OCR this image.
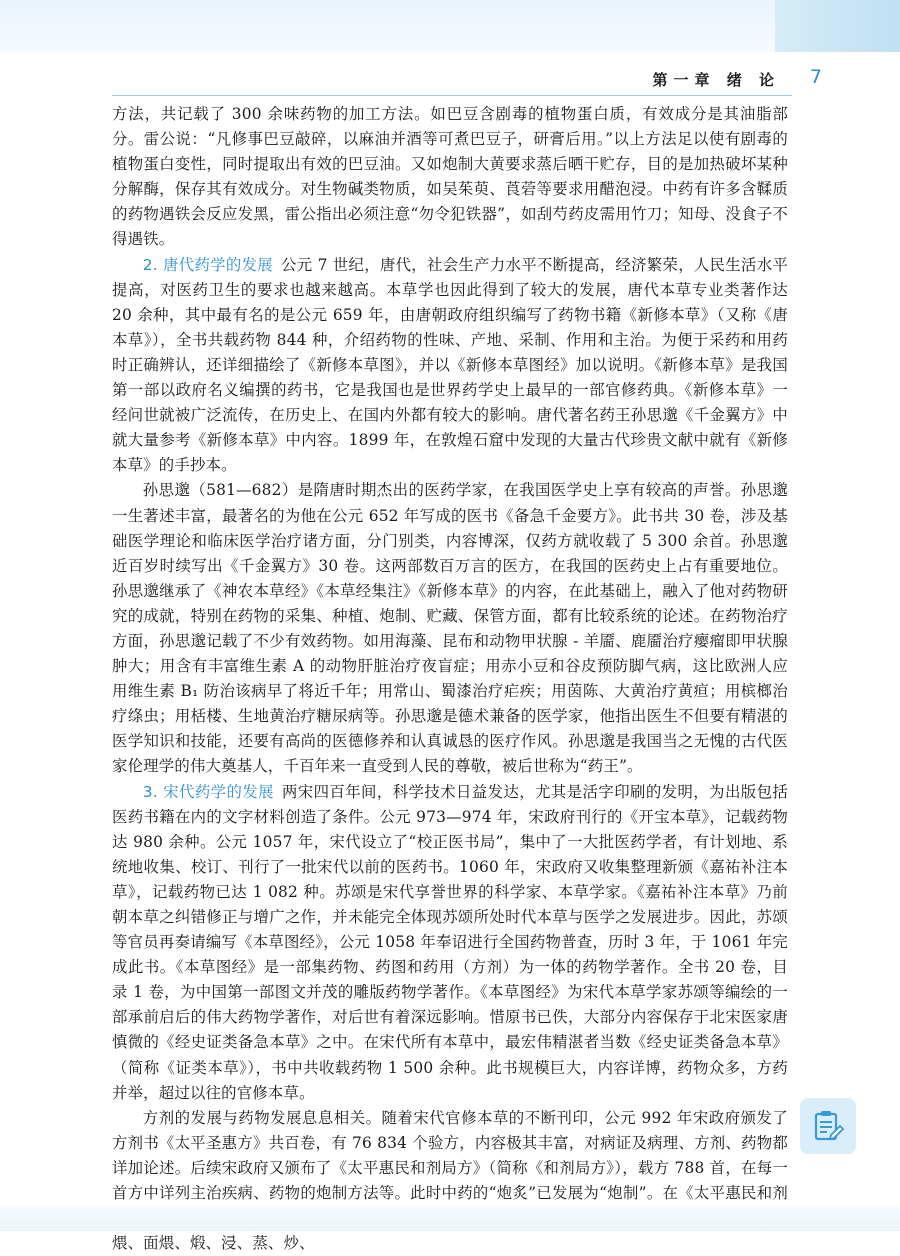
第一章 绪 论 7

方法，共记载了 300 余味药物的加工方法。如巴豆含剧毒的植物蛋白质，有效成分是其油脂部分。雷公说：“凡修事巴豆敲碎，以麻油并酒等可煮巴豆子，研膏后用。”以上方法足以使有剧毒的植物蛋白变性，同时提取出有效的巴豆油。又如炮制大黄要求蒸后晒干贮存，目的是加热破坏某种分解酶，保存其有效成分。对生物碱类物质，如吴茱萸、莨菪等要求用醋泡浸。中药有许多含鞣质的药物遇铁会反应发黑，雷公指出必须注意“勿令犯铁器”，如刮芍药皮需用竹刀；知母、没食子不得遇铁。

2. 唐代药学的发展 公元 7 世纪，唐代，社会生产力水平不断提高，经济繁荣，人民生活水平提高，对医药卫生的要求也越来越高。本草学也因此得到了较大的发展，唐代本草专业类著作达 20 余种，其中最有名的是公元 659 年，由唐朝政府组织编写了药物书籍《新修本草》（又称《唐本草》），全书共载药物 844 种，介绍药物的性味、产地、采制、作用和主治。为便于采药和用药时正确辨认，还详细描绘了《新修本草图》，并以《新修本草图经》加以说明。《新修本草》是我国第一部以政府名义编撰的药书，它是我国也是世界药学史上最早的一部官修药典。《新修本草》一经问世就被广泛流传，在历史上、在国内外都有较大的影响。唐代著名药王孙思邈《千金翼方》中就大量参考《新修本草》中内容。1899 年，在敦煌石窟中发现的大量古代珍贵文献中就有《新修本草》的手抄本。

孙思邈（581—682）是隋唐时期杰出的医药学家，在我国医学史上享有较高的声誉。孙思邈一生著述丰富，最著名的为他在公元 652 年写成的医书《备急千金要方》。此书共 30 卷，涉及基础医学理论和临床医学治疗诸方面，分门别类，内容博深，仅药方就收载了 5 300 余首。孙思邈近百岁时续写出《千金翼方》30 卷。这两部数百万言的医方，在我国的医药史上占有重要地位。孙思邈继承了《神农本草经》《本草经集注》《新修本草》的内容，在此基础上，融入了他对药物研究的成就，特别在药物的采集、种植、炮制、贮藏、保管方面，都有比较系统的论述。在药物治疗方面，孙思邈记载了不少有效药物。如用海藻、昆布和动物甲状腺 - 羊靥、鹿靥治疗瘿瘤即甲状腺肿大；用含有丰富维生素 A 的动物肝脏治疗夜盲症；用赤小豆和谷皮预防脚气病，这比欧洲人应用维生素 B₁ 防治该病早了将近千年；用常山、蜀漆治疗疟疾；用茵陈、大黄治疗黄疸；用槟榔治疗绦虫；用栝楼、生地黄治疗糖尿病等。孙思邈是德术兼备的医学家，他指出医生不但要有精湛的医学知识和技能，还要有高尚的医德修养和认真诚恳的医疗作风。孙思邈是我国当之无愧的古代医家伦理学的伟大奠基人，千百年来一直受到人民的尊敬，被后世称为“药王”。

3. 宋代药学的发展 两宋四百年间，科学技术日益发达，尤其是活字印刷的发明，为出版包括医药书籍在内的文字材料创造了条件。公元 973—974 年，宋政府刊行的《开宝本草》，记载药物达 980 余种。公元 1057 年，宋代设立了“校正医书局”，集中了一大批医药学者，有计划地、系统地收集、校订、刊行了一批宋代以前的医药书。1060 年，宋政府又收集整理新颁《嘉祐补注本草》，记载药物已达 1 082 种。苏颂是宋代享誉世界的科学家、本草学家。《嘉祐补注本草》乃前朝本草之纠错修正与增广之作，并未能完全体现苏颂所处时代本草与医学之发展进步。因此，苏颂等官员再奏请编写《本草图经》，公元 1058 年奉诏进行全国药物普查，历时 3 年，于 1061 年完成此书。《本草图经》是一部集药物、药图和药用（方剂）为一体的药物学著作。全书 20 卷，目录 1 卷，为中国第一部图文并茂的雕版药物学著作。《本草图经》为宋代本草学家苏颂等编绘的一部承前启后的伟大药物学著作，对后世有着深远影响。惜原书已佚，大部分内容保存于北宋医家唐慎微的《经史证类备急本草》之中。在宋代所有本草中，最宏伟精湛者当数《经史证类备急本草》（简称《证类本草》），书中共收载药物 1 500 余种。此书规模巨大，内容详博，药物众多，方药并举，超过以往的官修本草。

方剂的发展与药物发展息息相关。随着宋代官修本草的不断刊印，公元 992 年宋政府颁发了方剂书《太平圣惠方》共百卷，有 76 834 个验方，内容极其丰富，对病证及病理、方剂、药物都详加论述。后续宋政府又颁布了《太平惠民和剂局方》（简称《和剂局方》），载方 788 首，在每一首方中详列主治疾病、药物的炮制方法等。此时中药的“炮炙”已发展为“炮制”。在《太平惠民和剂 煨、面煨、煅、浸、蒸、炒、
